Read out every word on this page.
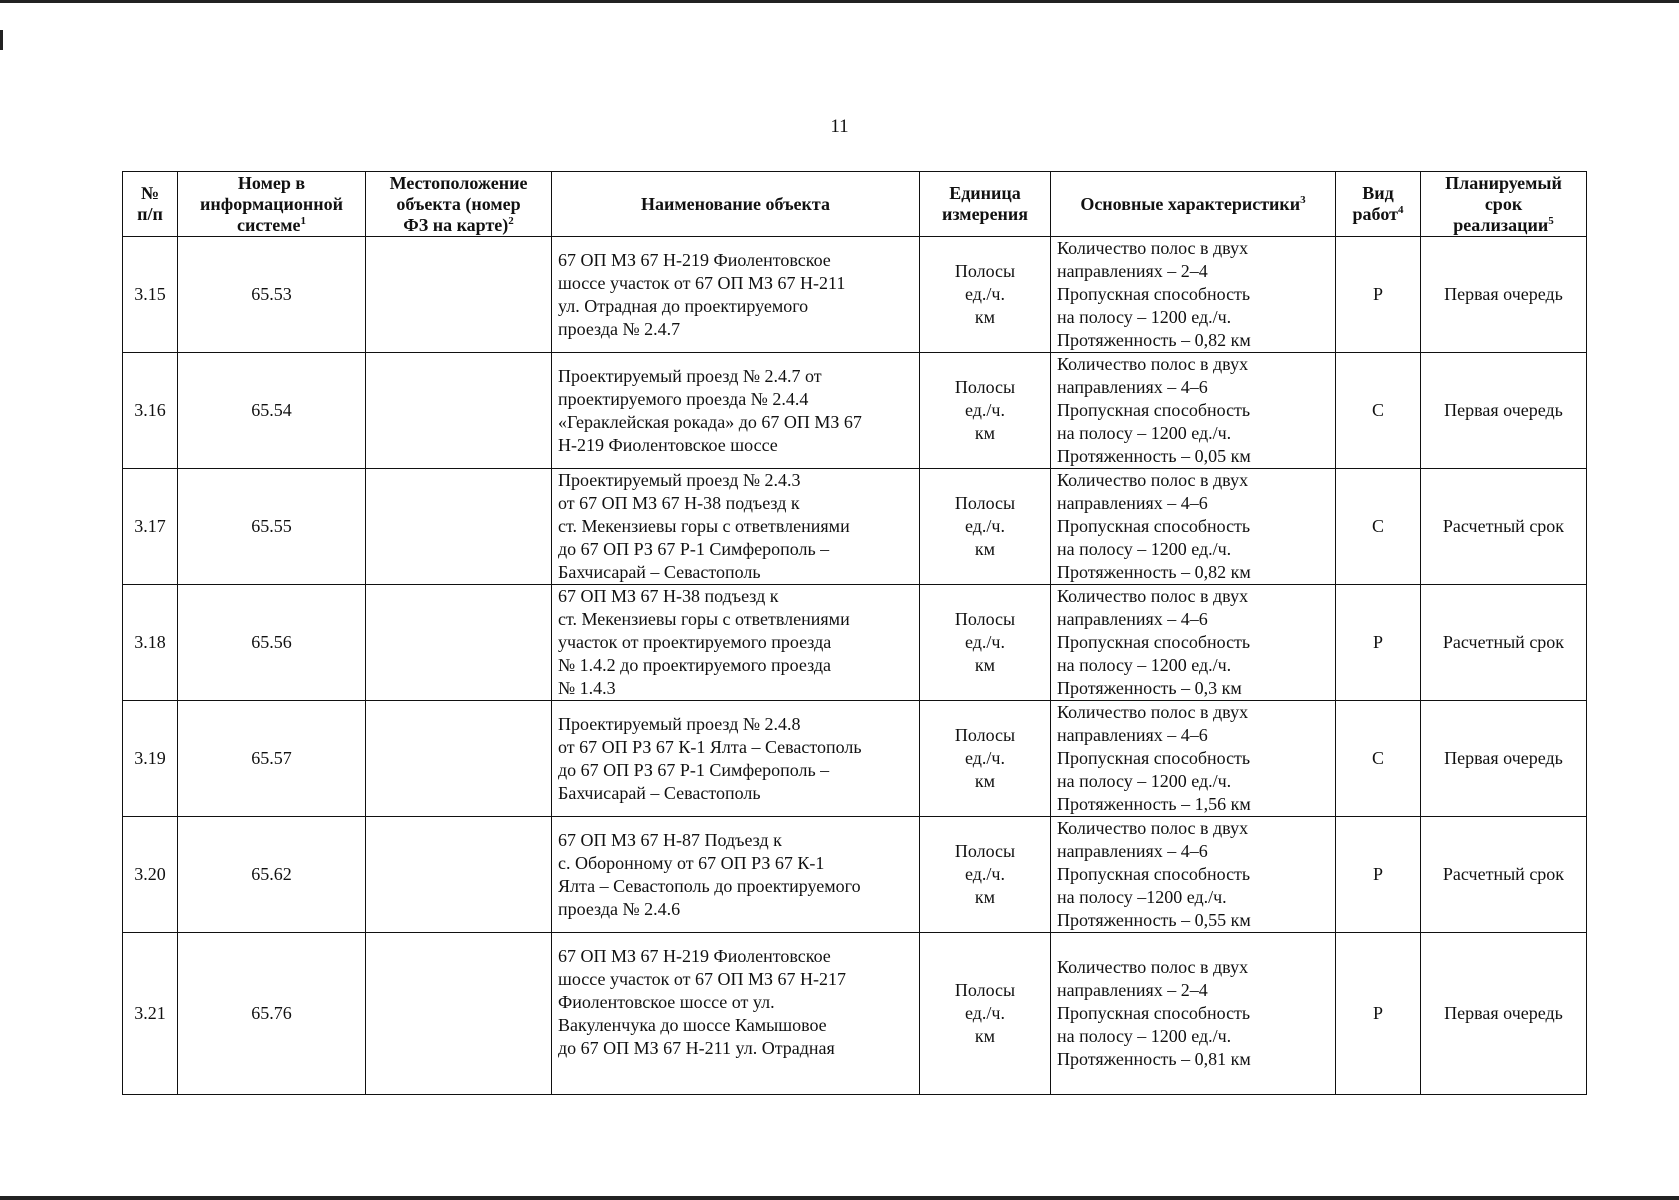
11
№
п/п	Номер в
информационной
системе$^1$	Местоположение
объекта (номер
ФЗ на карте)$^2$	Наименование объекта	Единица
измерения	Основные характеристики$^3$	Вид
работ$^4$	Планируемый
срок
реализации$^5$

3.15	65.53		67 ОП МЗ 67 Н-219 Фиолентовское
шоссе участок от 67 ОП МЗ 67 Н-211
ул. Отрадная до проектируемого
проезда № 2.4.7	Полосы
ед./ч.
км	Количество полос в двух
направлениях – 2–4
Пропускная способность
на полосу – 1200 ед./ч.
Протяженность – 0,82 км	Р	Первая очередь
3.16	65.54		Проектируемый проезд № 2.4.7 от
проектируемого проезда № 2.4.4
«Гераклейская рокада» до 67 ОП МЗ 67
Н-219 Фиолентовское шоссе	Полосы
ед./ч.
км	Количество полос в двух
направлениях – 4–6
Пропускная способность
на полосу – 1200 ед./ч.
Протяженность – 0,05 км	С	Первая очередь
3.17	65.55		Проектируемый проезд № 2.4.3
от 67 ОП МЗ 67 Н-38 подъезд к
ст. Мекензиевы горы с ответвлениями
до 67 ОП РЗ 67 Р-1 Симферополь –
Бахчисарай – Севастополь	Полосы
ед./ч.
км	Количество полос в двух
направлениях – 4–6
Пропускная способность
на полосу – 1200 ед./ч.
Протяженность – 0,82 км	С	Расчетный срок
3.18	65.56		67 ОП МЗ 67 Н-38 подъезд к
ст. Мекензиевы горы с ответвлениями
участок от проектируемого проезда
№ 1.4.2 до проектируемого проезда
№ 1.4.3	Полосы
ед./ч.
км	Количество полос в двух
направлениях – 4–6
Пропускная способность
на полосу – 1200 ед./ч.
Протяженность – 0,3 км	Р	Расчетный срок
3.19	65.57		Проектируемый проезд № 2.4.8
от 67 ОП РЗ 67 К-1 Ялта – Севастополь
до 67 ОП РЗ 67 Р-1 Симферополь –
Бахчисарай – Севастополь	Полосы
ед./ч.
км	Количество полос в двух
направлениях – 4–6
Пропускная способность
на полосу – 1200 ед./ч.
Протяженность – 1,56 км	С	Первая очередь
3.20	65.62		67 ОП МЗ 67 Н-87 Подъезд к
с. Оборонному от 67 ОП РЗ 67 К-1
Ялта – Севастополь до проектируемого
проезда № 2.4.6	Полосы
ед./ч.
км	Количество полос в двух
направлениях – 4–6
Пропускная способность
на полосу –1200 ед./ч.
Протяженность – 0,55 км	Р	Расчетный срок
3.21	65.76		67 ОП МЗ 67 Н-219 Фиолентовское
шоссе участок от 67 ОП МЗ 67 Н-217
Фиолентовское шоссе от ул.
Вакуленчука до шоссе Камышовое
до 67 ОП МЗ 67 Н-211 ул. Отрадная	Полосы
ед./ч.
км	Количество полос в двух
направлениях – 2–4
Пропускная способность
на полосу – 1200 ед./ч.
Протяженность – 0,81 км	Р	Первая очередь
